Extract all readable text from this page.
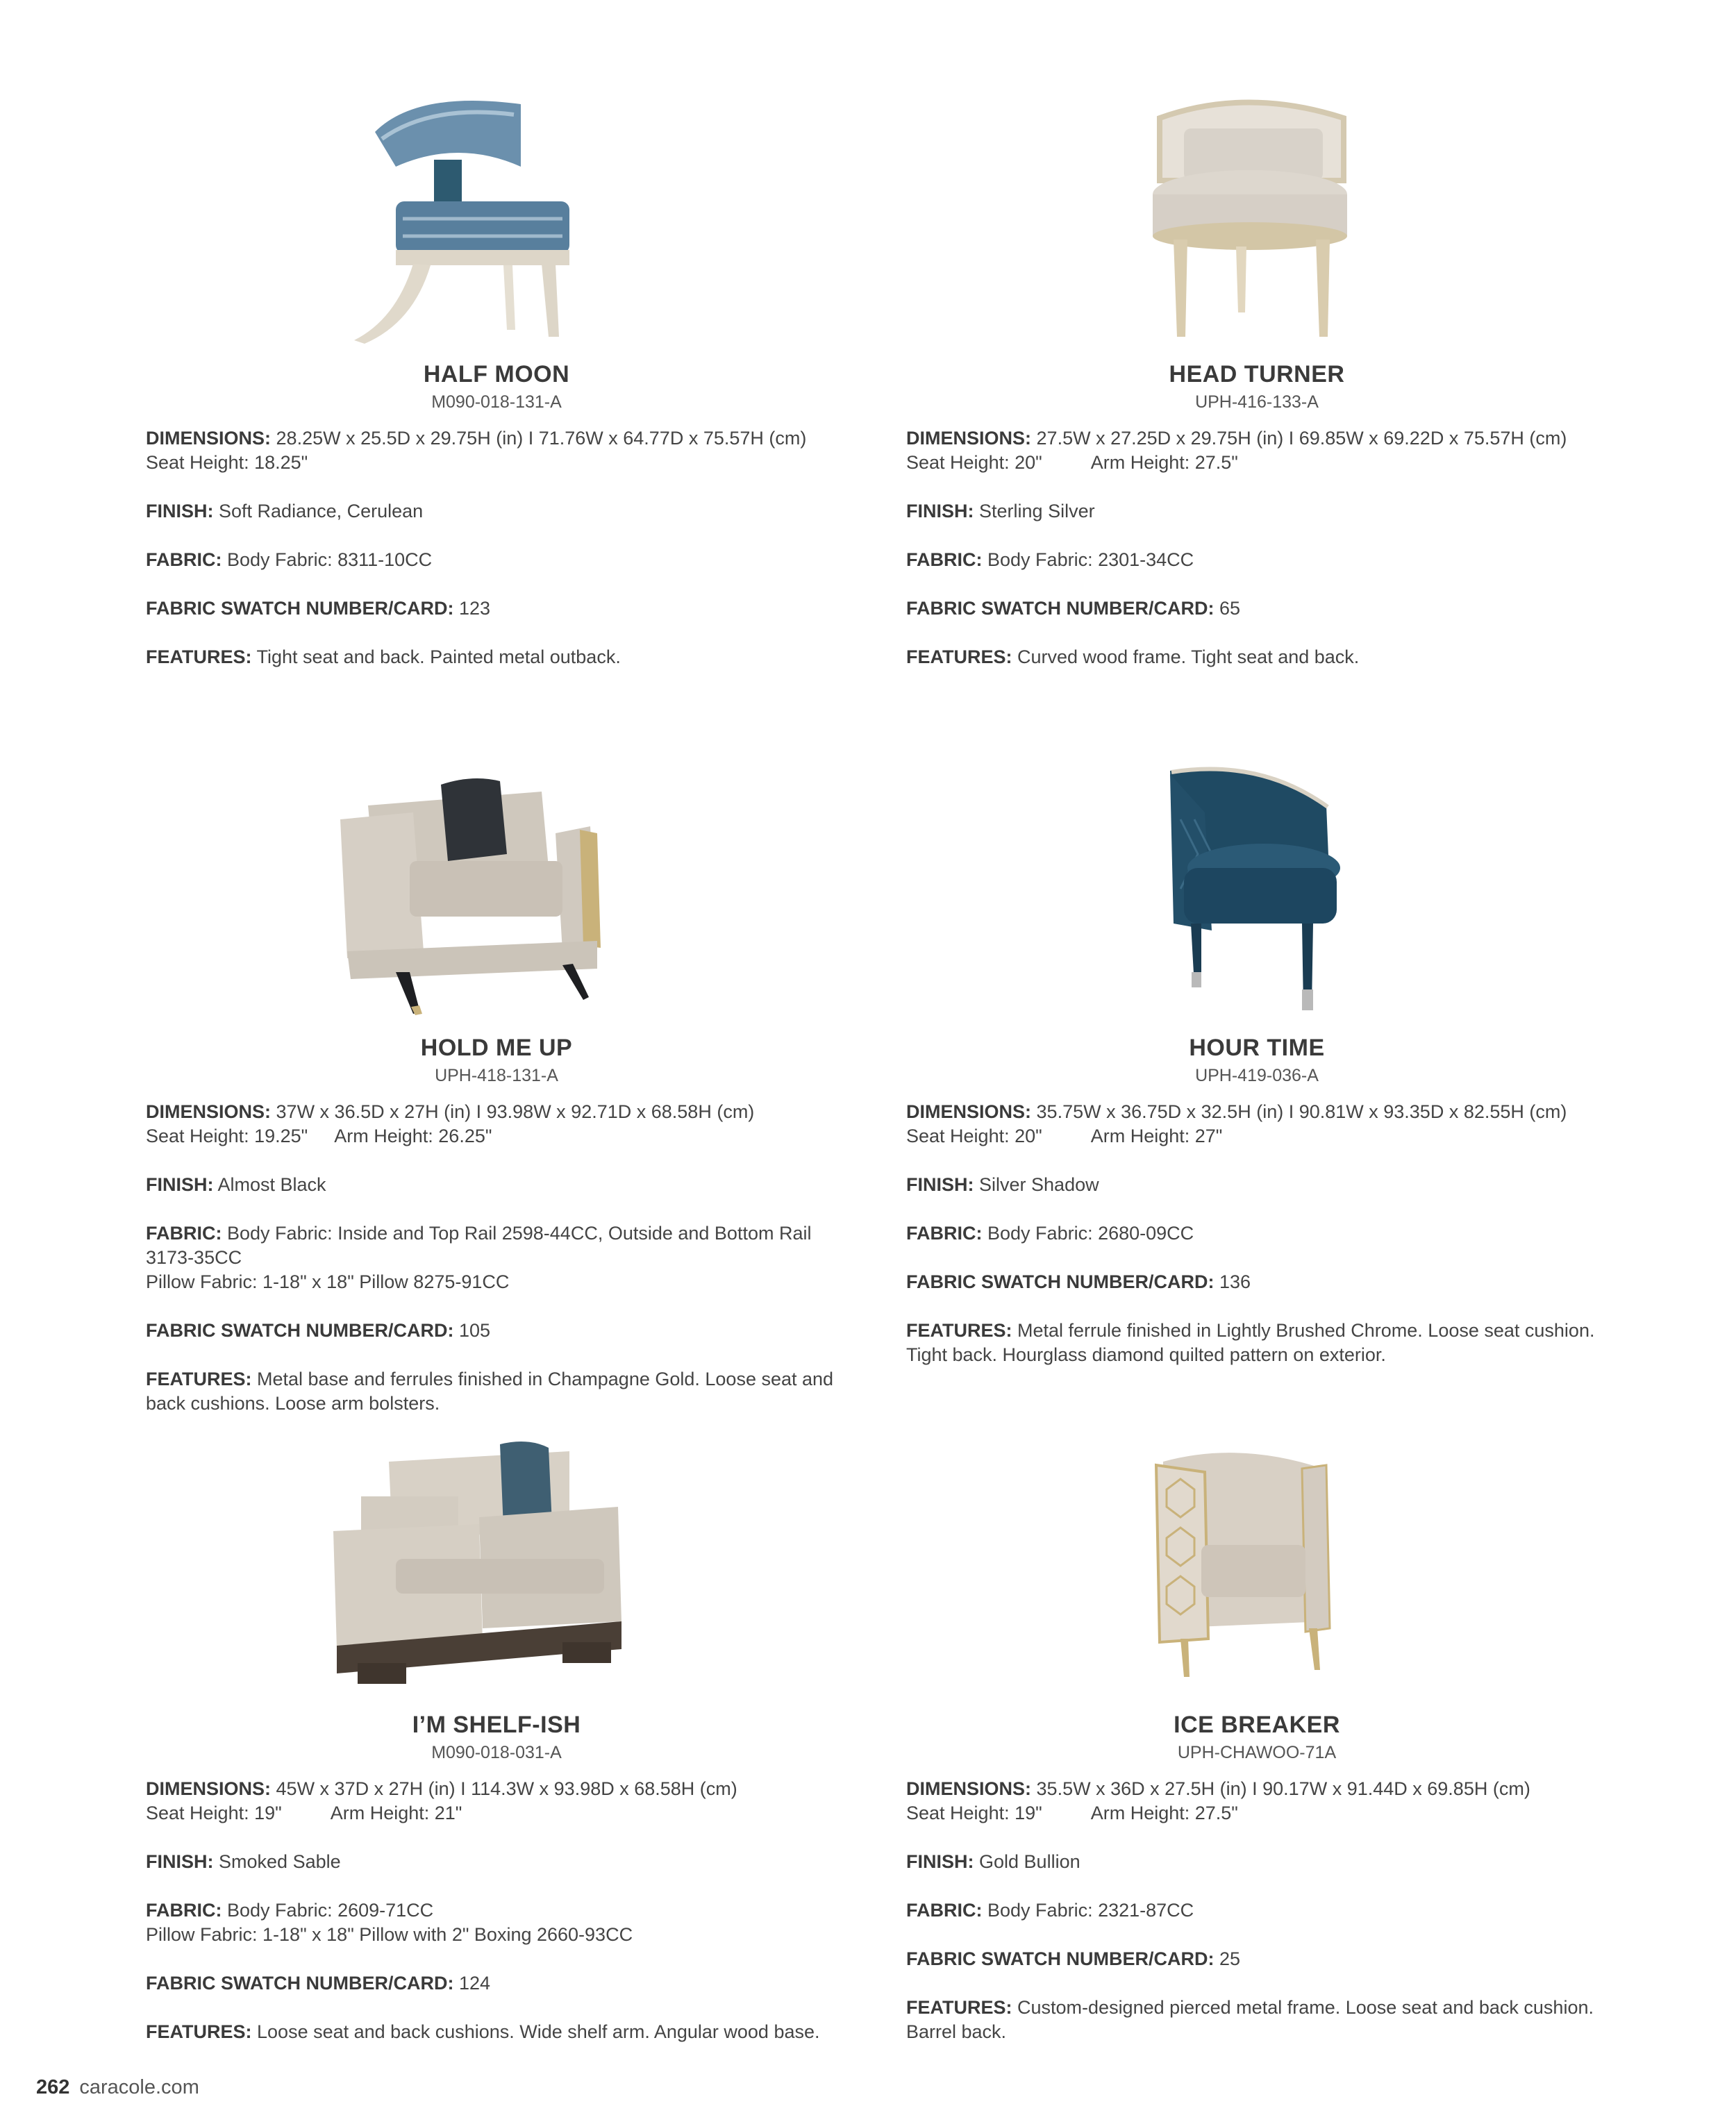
HALF MOON
M090-018-131-A
DIMENSIONS: 28.25W x 25.5D x 29.75H (in) I 71.76W x 64.77D x 75.57H (cm)
Seat Height: 18.25"
FINISH: Soft Radiance, Cerulean
FABRIC: Body Fabric: 8311-10CC
FABRIC SWATCH NUMBER/CARD: 123
FEATURES: Tight seat and back. Painted metal outback.
HEAD TURNER
UPH-416-133-A
DIMENSIONS: 27.5W x 27.25D x 29.75H (in) I 69.85W x 69.22D x 75.57H (cm)
Seat Height: 20"	Arm Height: 27.5"
FINISH: Sterling Silver
FABRIC: Body Fabric: 2301-34CC
FABRIC SWATCH NUMBER/CARD: 65
FEATURES: Curved wood frame. Tight seat and back.
HOLD ME UP
UPH-418-131-A
DIMENSIONS: 37W x 36.5D x 27H (in) I 93.98W x 92.71D x 68.58H (cm)
Seat Height: 19.25" Arm Height: 26.25"
FINISH: Almost Black
FABRIC: Body Fabric: Inside and Top Rail 2598-44CC, Outside and Bottom Rail 3173-35CC
Pillow Fabric: 1-18" x 18" Pillow 8275-91CC
FABRIC SWATCH NUMBER/CARD: 105
FEATURES: Metal base and ferrules finished in Champagne Gold. Loose seat and back cushions. Loose arm bolsters.
HOUR TIME
UPH-419-036-A
DIMENSIONS: 35.75W x 36.75D x 32.5H (in) I 90.81W x 93.35D x 82.55H (cm)
Seat Height: 20"	Arm Height: 27"
FINISH: Silver Shadow
FABRIC: Body Fabric: 2680-09CC
FABRIC SWATCH NUMBER/CARD: 136
FEATURES: Metal ferrule finished in Lightly Brushed Chrome. Loose seat cushion. Tight back. Hourglass diamond quilted pattern on exterior.
I’M SHELF-ISH
M090-018-031-A
DIMENSIONS: 45W x 37D x 27H (in) I 114.3W x 93.98D x 68.58H (cm)
Seat Height: 19"	Arm Height: 21"
FINISH: Smoked Sable
FABRIC: Body Fabric: 2609-71CC
Pillow Fabric: 1-18" x 18" Pillow with 2" Boxing 2660-93CC
FABRIC SWATCH NUMBER/CARD: 124
FEATURES: Loose seat and back cushions. Wide shelf arm. Angular wood base.
ICE BREAKER
UPH-CHAWOO-71A
DIMENSIONS: 35.5W x 36D x 27.5H (in) I 90.17W x 91.44D x 69.85H (cm)
Seat Height: 19"	Arm Height: 27.5"
FINISH: Gold Bullion
FABRIC: Body Fabric: 2321-87CC
FABRIC SWATCH NUMBER/CARD: 25
FEATURES: Custom-designed pierced metal frame. Loose seat and back cushion. Barrel back.
262 caracole.com
